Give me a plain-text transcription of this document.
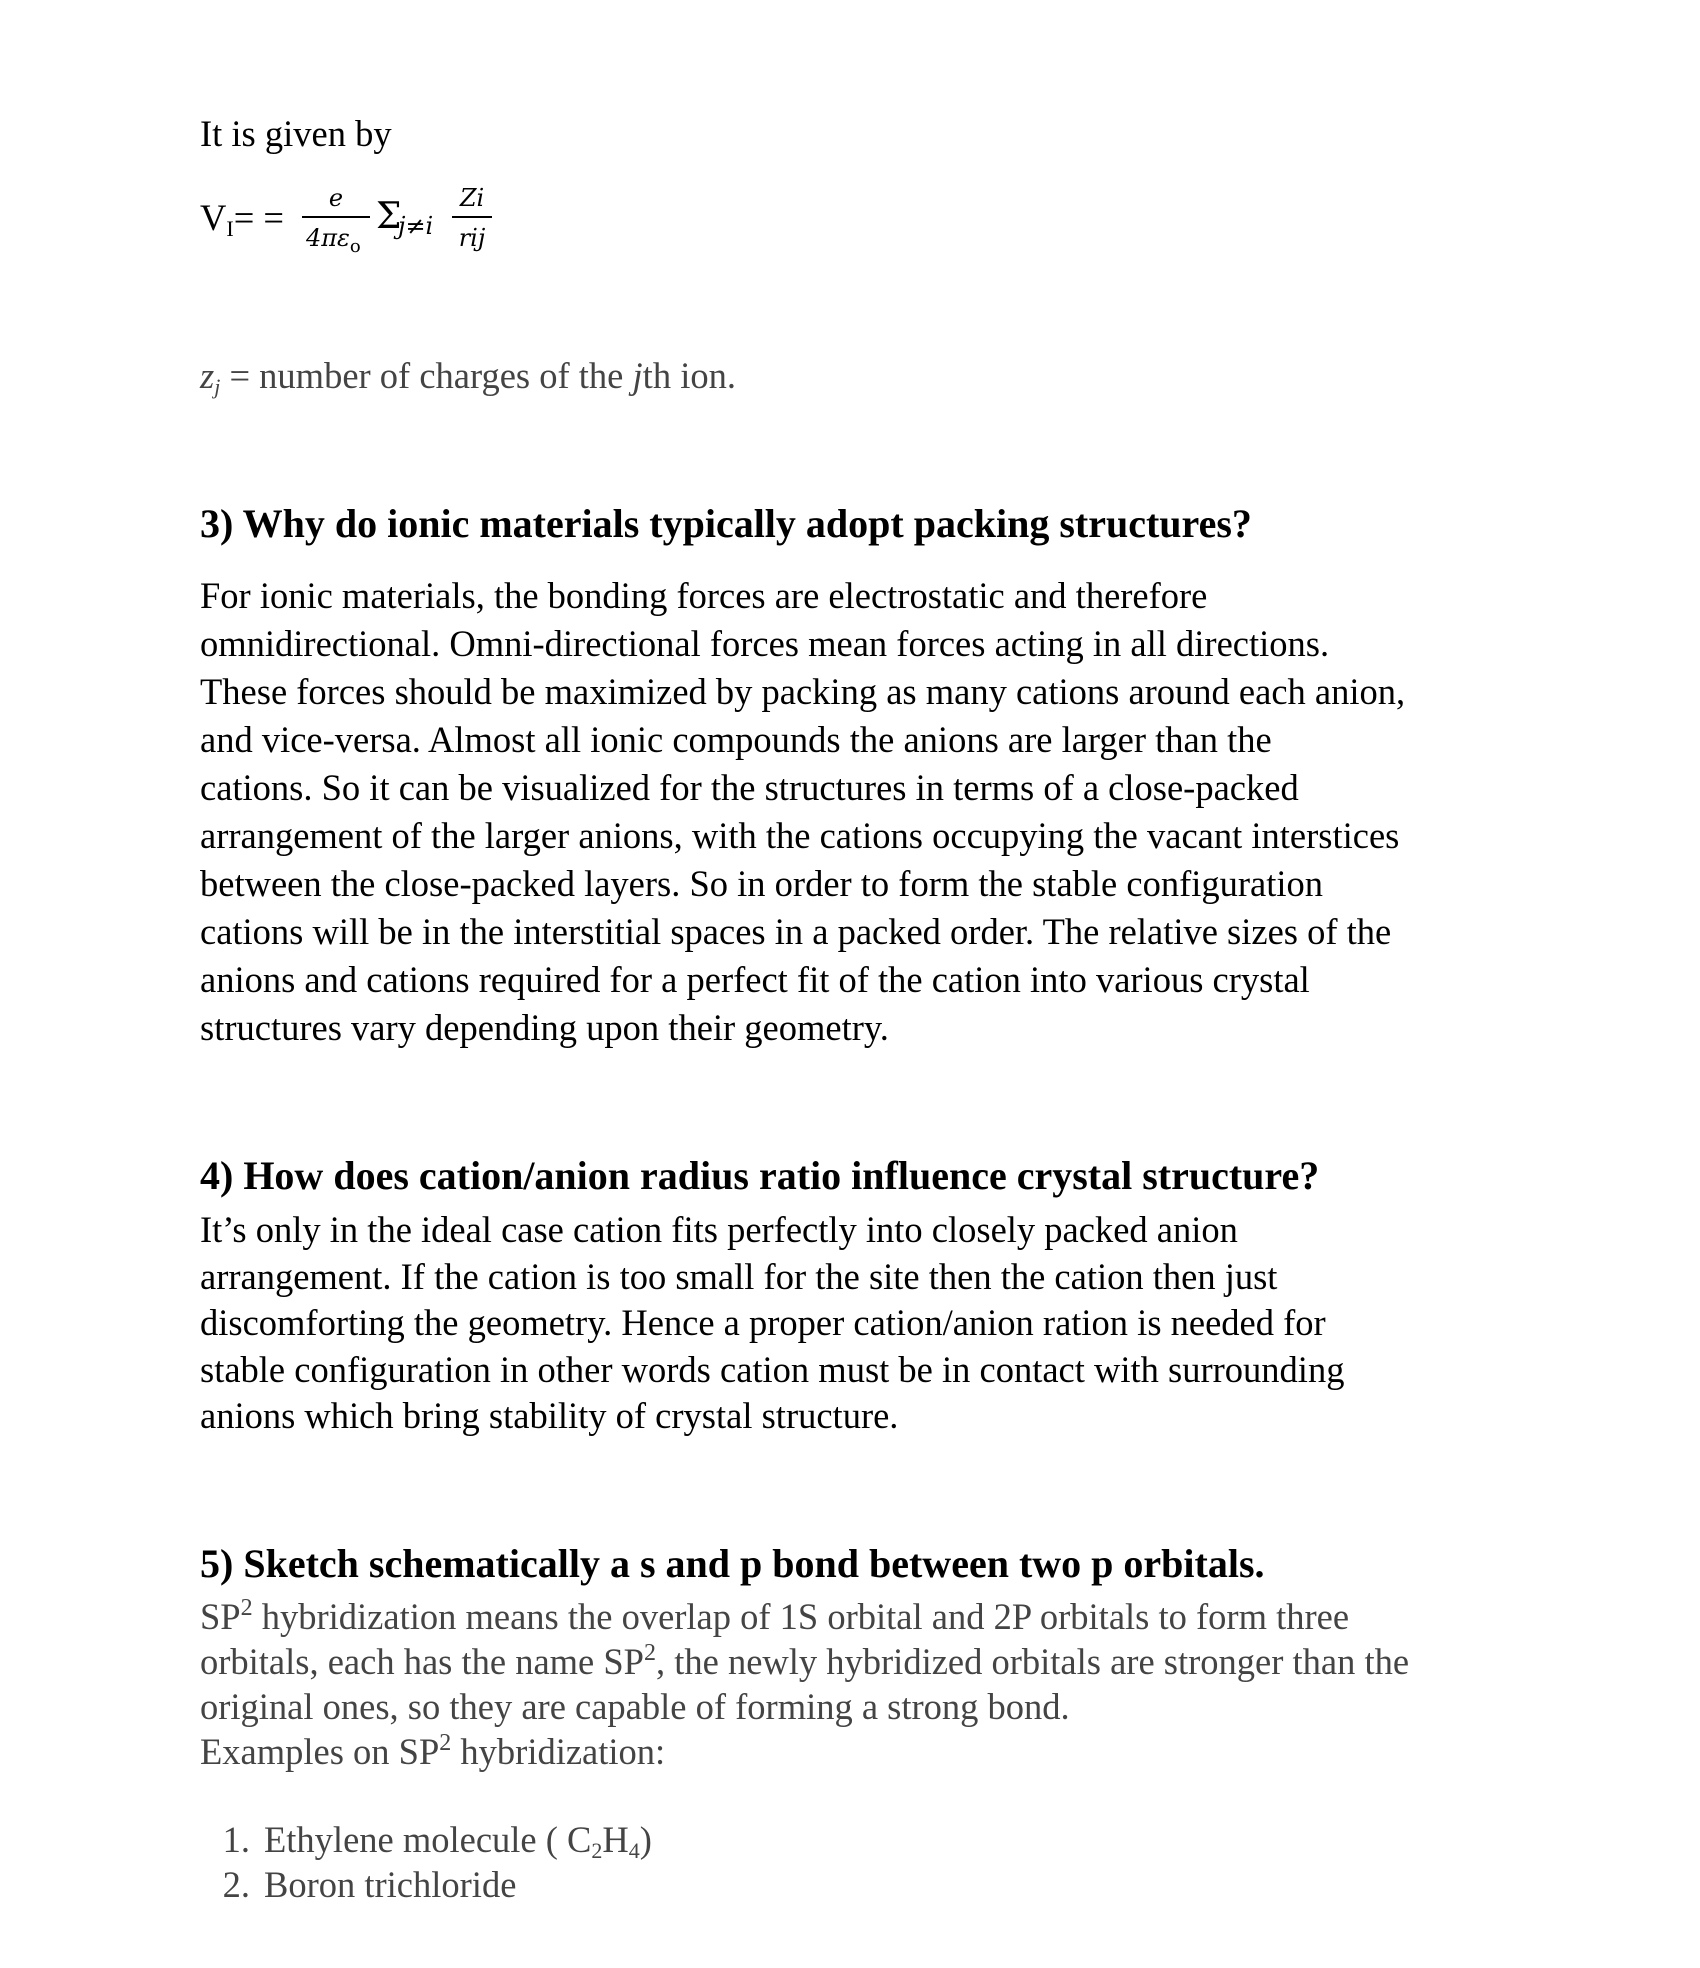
It is given by
$V_I=$ =	e
$4\pi\varepsilon_o$
Σ
j≠i
Zi
rij
$z_j$ = number of charges of the jth ion.
3) Why do ionic materials typically adopt packing structures?
For ionic materials, the bonding forces are electrostatic and therefore
omnidirectional. Omni-directional forces mean forces acting in all directions.
These forces should be maximized by packing as many cations around each anion,
and vice-versa. Almost all ionic compounds the anions are larger than the
cations. So it can be visualized for the structures in terms of a close-packed
arrangement of the larger anions, with the cations occupying the vacant interstices
between the close-packed layers. So in order to form the stable configuration
cations will be in the interstitial spaces in a packed order. The relative sizes of the
anions and cations required for a perfect fit of the cation into various crystal
structures vary depending upon their geometry.
4) How does cation/anion radius ratio influence crystal structure?
It’s only in the ideal case cation fits perfectly into closely packed anion
arrangement. If the cation is too small for the site then the cation then just
discomforting the geometry. Hence a proper cation/anion ration is needed for
stable configuration in other words cation must be in contact with surrounding
anions which bring stability of crystal structure.
5) Sketch schematically a s and p bond between two p orbitals.
$SP^2$ hybridization means the overlap of 1S orbital and 2P orbitals to form three
orbitals, each has the name $SP^2$, the newly hybridized orbitals are stronger than the
original ones, so they are capable of forming a strong bond.
Examples on $SP^2$ hybridization:
1. Ethylene molecule ( $C_2H_4$)
2. Boron trichloride
